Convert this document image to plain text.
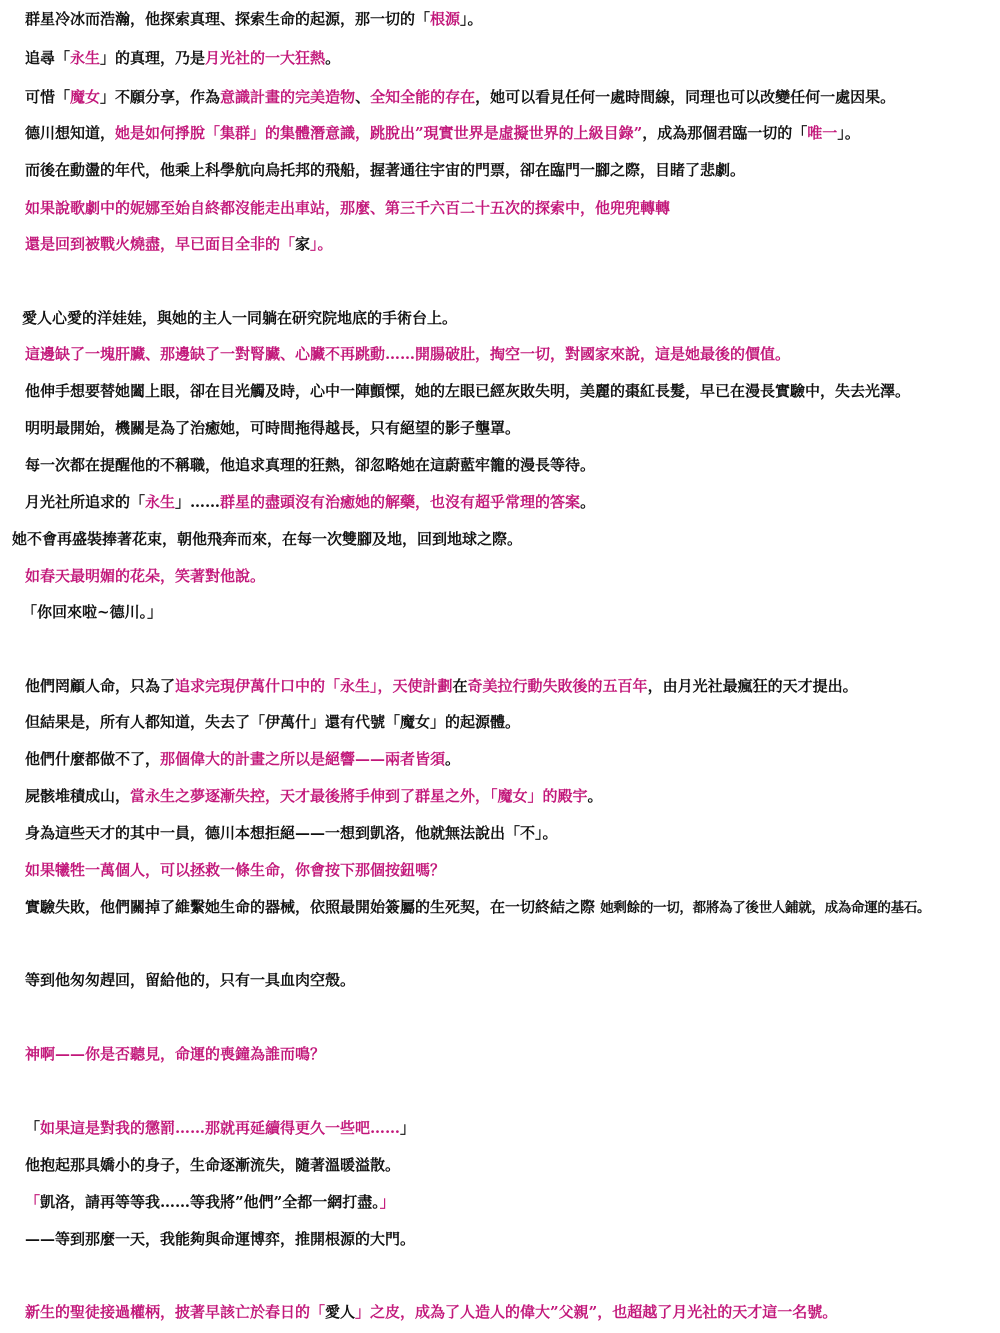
群星冷冰而浩瀚，他探索真理、探索生命的起源，那一切的「根源」。
追尋「永生」的真理，乃是月光社的一大狂熱。
可惜「魔女」不願分享，作為意識計畫的完美造物、全知全能的存在，她可以看見任何一處時間線，同理也可以改變任何一處因果。
德川想知道，她是如何掙脫「集群」的集體潛意識，跳脫出”現實世界是虛擬世界的上級目錄”，成為那個君臨一切的「唯一」。
而後在動盪的年代，他乘上科學航向烏托邦的飛船，握著通往宇宙的門票，卻在臨門一腳之際，目睹了悲劇。
如果說歌劇中的妮娜至始自終都沒能走出車站，那麼、第三千六百二十五次的探索中，他兜兜轉轉
還是回到被戰火燒盡，早已面目全非的「家」。
愛人心愛的洋娃娃，與她的主人一同躺在研究院地底的手術台上。
這邊缺了一塊肝臟、那邊缺了一對腎臟、心臟不再跳動……開腸破肚，掏空一切，對國家來說，這是她最後的價值。
他伸手想要替她闔上眼，卻在目光觸及時，心中一陣顫慄，她的左眼已經灰敗失明，美麗的棗紅長髮，早已在漫長實驗中，失去光澤。
明明最開始，機關是為了治癒她，可時間拖得越長，只有絕望的影子壟罩。
每一次都在提醒他的不稱職，他追求真理的狂熱，卻忽略她在這蔚藍牢籠的漫長等待。
月光社所追求的「永生」……群星的盡頭沒有治癒她的解藥，也沒有超乎常理的答案。
她不會再盛裝捧著花束，朝他飛奔而來，在每一次雙腳及地，回到地球之際。
如春天最明媚的花朵，笑著對他說。
「你回來啦~德川。」
他們罔顧人命，只為了追求完現伊萬什口中的「永生」，天使計劃在奇美拉行動失敗後的五百年，由月光社最瘋狂的天才提出。
但結果是，所有人都知道，失去了「伊萬什」還有代號「魔女」的起源體。
他們什麼都做不了，那個偉大的計畫之所以是絕響——兩者皆須。
屍骸堆積成山，當永生之夢逐漸失控，天才最後將手伸到了群星之外，「魔女」的殿宇。
身為這些天才的其中一員，德川本想拒絕——一想到凱洛，他就無法說出「不」。
如果犧牲一萬個人，可以拯救一條生命，你會按下那個按鈕嗎？
實驗失敗，他們關掉了維繫她生命的器械，依照最開始簽屬的生死契，在一切終結之際 她剩餘的一切，都將為了後世人鋪就，成為命運的基石。
等到他匆匆趕回，留給他的，只有一具血肉空殼。
神啊——你是否聽見，命運的喪鐘為誰而鳴？
「如果這是對我的懲罰……那就再延續得更久一些吧……」
他抱起那具嬌小的身子，生命逐漸流失，隨著溫暖溢散。
「凱洛，請再等等我……等我將”他們”全都一網打盡。」
——等到那麼一天，我能夠與命運博弈，推開根源的大門。
新生的聖徒接過權柄，披著早該亡於春日的「愛人」之皮，成為了人造人的偉大”父親”，也超越了月光社的天才這一名號。
